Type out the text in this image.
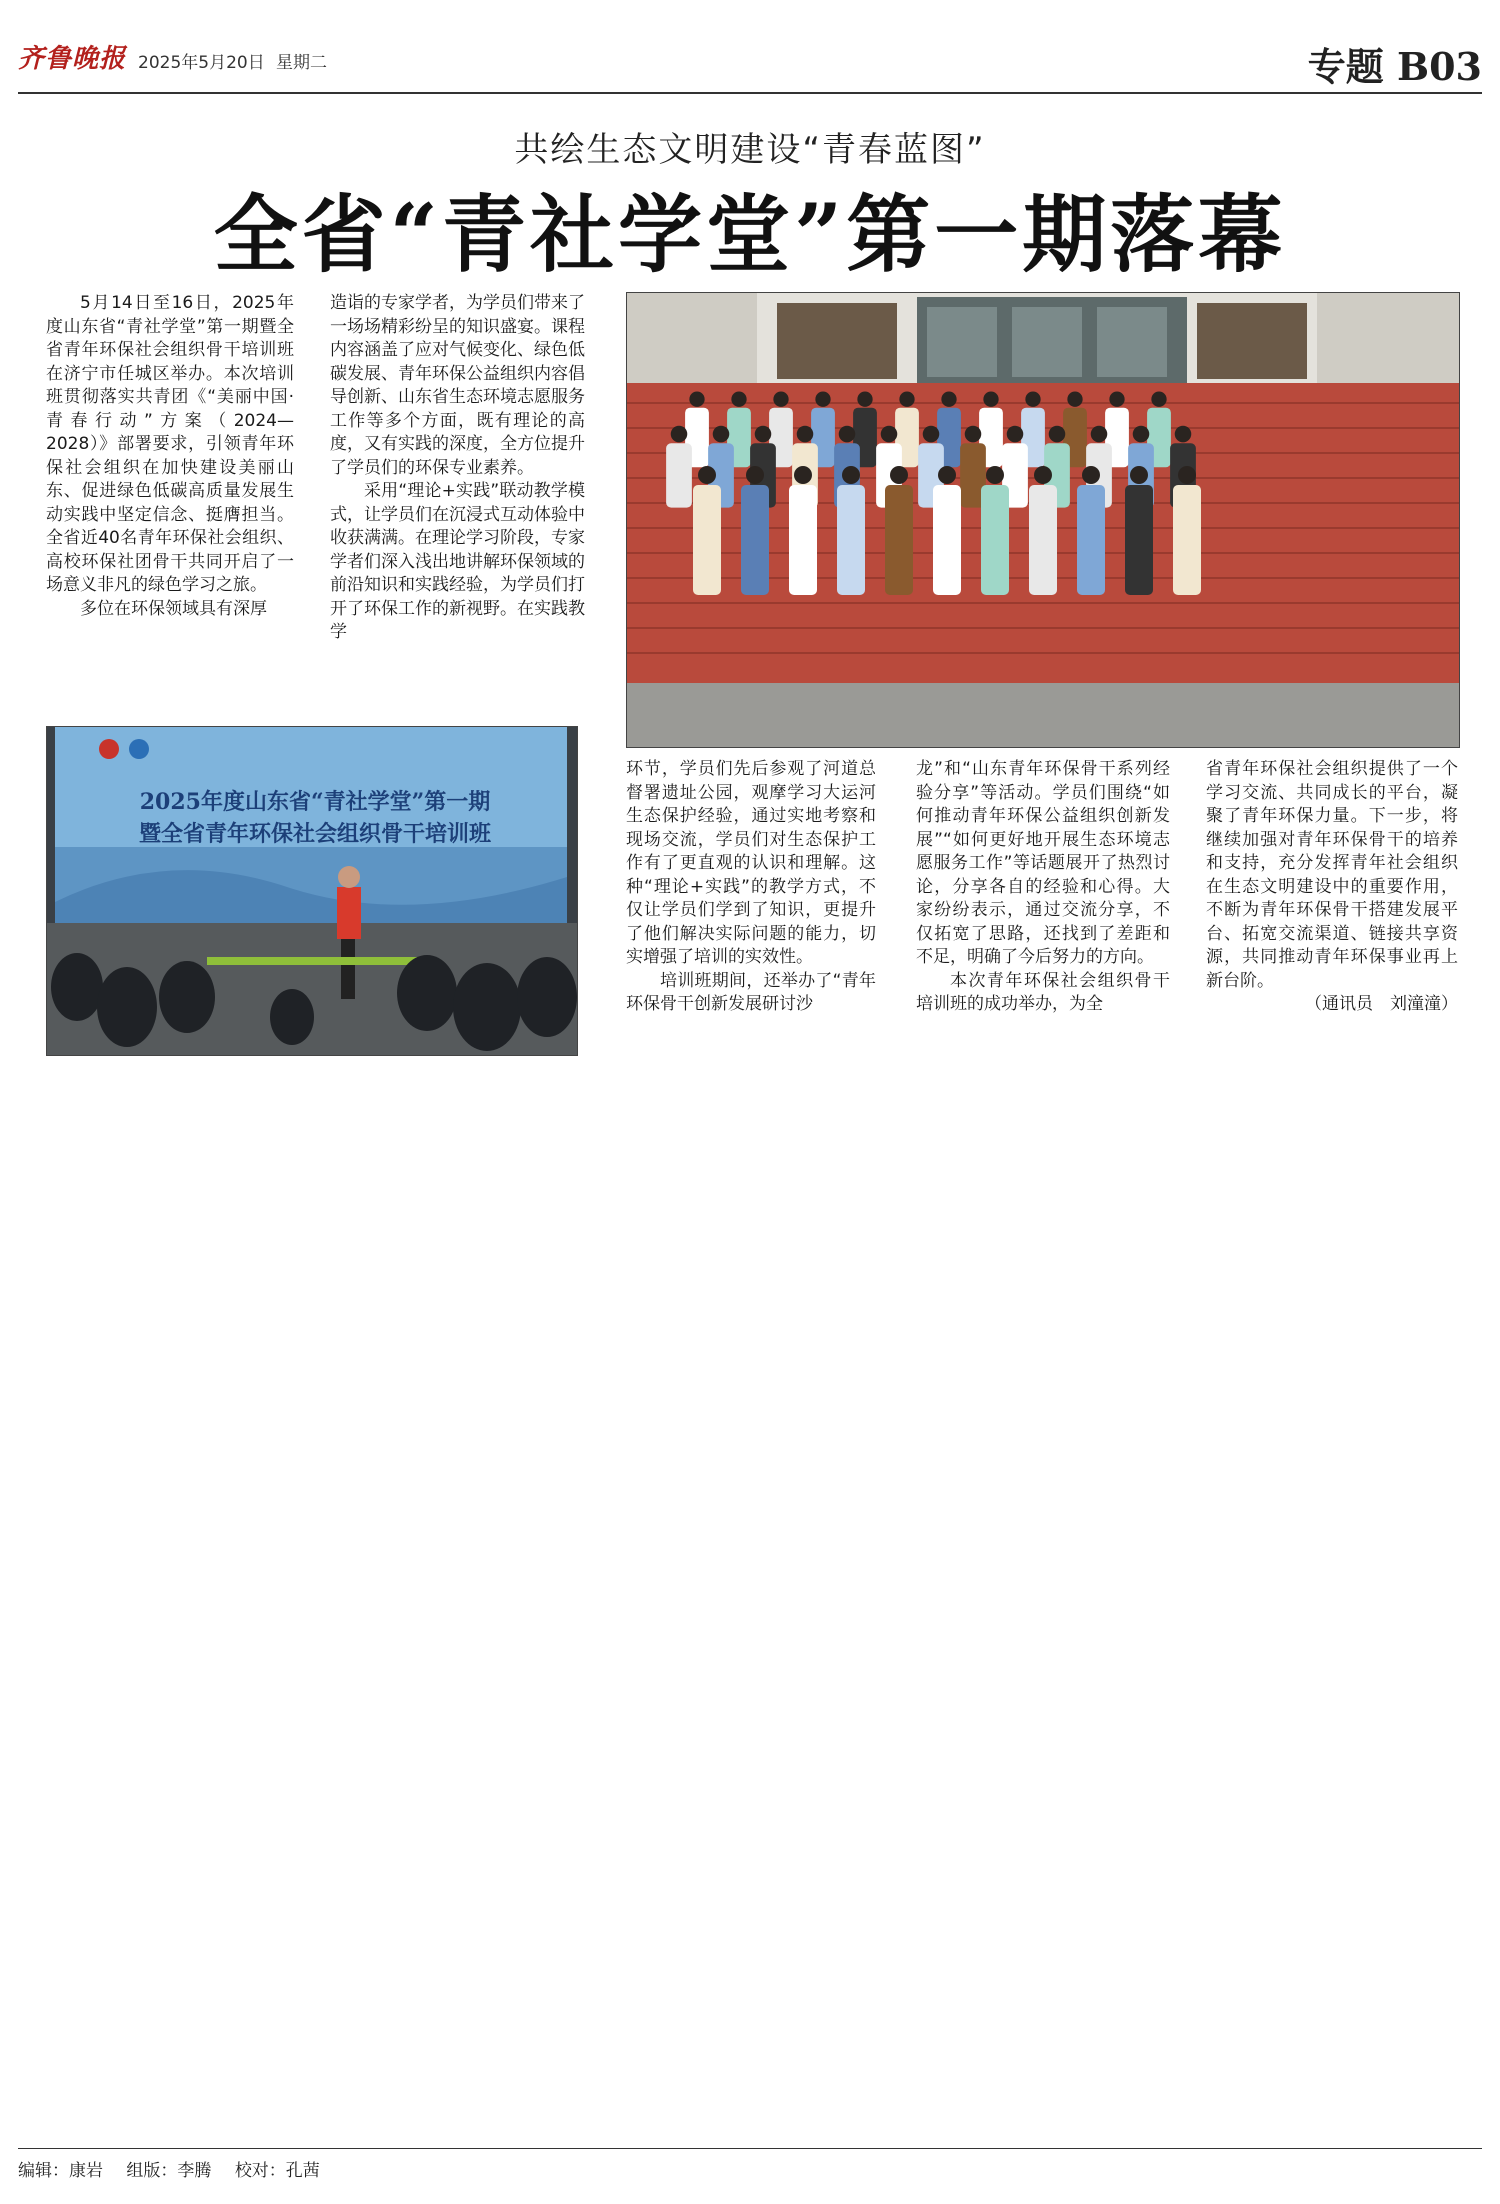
齐鲁晚报 2025年5月20日 星期二	专题 B03
共绘生态文明建设“青春蓝图”
全省“青社学堂”第一期落幕

5月14日至16日，2025年度山东省“青社学堂”第一期暨全省青年环保社会组织骨干培训班在济宁市任城区举办。本次培训班贯彻落实共青团《“美丽中国·青春行动”方案（2024—2028）》部署要求，引领青年环保社会组织在加快建设美丽山东、促进绿色低碳高质量发展生动实践中坚定信念、挺膺担当。全省近40名青年环保社会组织、高校环保社团骨干共同开启了一场意义非凡的绿色学习之旅。

多位在环保领域具有深厚

造诣的专家学者，为学员们带来了一场场精彩纷呈的知识盛宴。课程内容涵盖了应对气候变化、绿色低碳发展、青年环保公益组织内容倡导创新、山东省生态环境志愿服务工作等多个方面，既有理论的高度，又有实践的深度，全方位提升了学员们的环保专业素养。

采用“理论+实践”联动教学模式，让学员们在沉浸式互动体验中收获满满。在理论学习阶段，专家学者们深入浅出地讲解环保领域的前沿知识和实践经验，为学员们打开了环保工作的新视野。在实践教学

2025年度山东省“青社学堂”第一期
暨全省青年环保社会组织骨干培训班

环节，学员们先后参观了河道总督署遗址公园，观摩学习大运河生态保护经验，通过实地考察和现场交流，学员们对生态保护工作有了更直观的认识和理解。这种“理论+实践”的教学方式，不仅让学员们学到了知识，更提升了他们解决实际问题的能力，切实增强了培训的实效性。

培训班期间，还举办了“青年环保骨干创新发展研讨沙

龙”和“山东青年环保骨干系列经验分享”等活动。学员们围绕“如何推动青年环保公益组织创新发展”“如何更好地开展生态环境志愿服务工作”等话题展开了热烈讨论，分享各自的经验和心得。大家纷纷表示，通过交流分享，不仅拓宽了思路，还找到了差距和不足，明确了今后努力的方向。

本次青年环保社会组织骨干培训班的成功举办，为全

省青年环保社会组织提供了一个学习交流、共同成长的平台，凝聚了青年环保力量。下一步，将继续加强对青年环保骨干的培养和支持，充分发挥青年社会组织在生态文明建设中的重要作用，不断为青年环保骨干搭建发展平台、拓宽交流渠道、链接共享资源，共同推动青年环保事业再上新台阶。

（通讯员　刘潼潼）

编辑：康岩 组版：李腾 校对：孔茜
